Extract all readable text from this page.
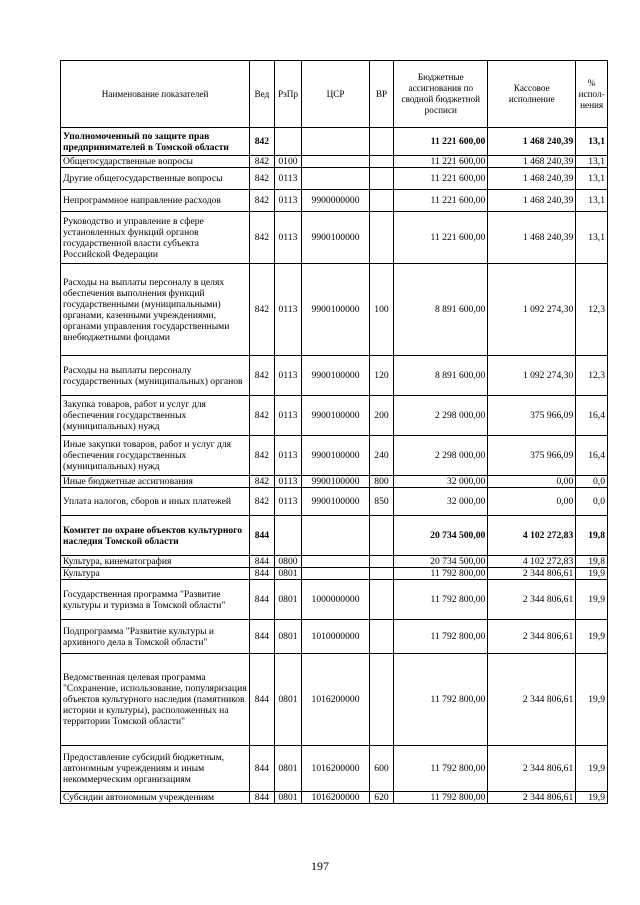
Наименование показателей	Вед	РзПр	ЦСР	ВР	Бюджетные ассигнования по сводной бюджетной росписи	Кассовое исполнение	% испол-нения
Уполномоченный по защите прав предпринимателей в Томской области	842				11 221 600,00	1 468 240,39	13,1
Общегосударственные вопросы	842	0100			11 221 600,00	1 468 240,39	13,1
Другие общегосударственные вопросы	842	0113			11 221 600,00	1 468 240,39	13,1
Непрограммное направление расходов	842	0113	9900000000		11 221 600,00	1 468 240,39	13,1
Руководство и управление в сфере установленных функций органов государственной власти субъекта Российской Федерации	842	0113	9900100000		11 221 600,00	1 468 240,39	13,1
Расходы на выплаты персоналу в целях обеспечения выполнения функций государственными (муниципальными) органами, казенными учреждениями, органами управления государственными внебюджетными фондами	842	0113	9900100000	100	8 891 600,00	1 092 274,30	12,3
Расходы на выплаты персоналу государственных (муниципальных) органов	842	0113	9900100000	120	8 891 600,00	1 092 274,30	12,3
Закупка товаров, работ и услуг для обеспечения государственных (муниципальных) нужд	842	0113	9900100000	200	2 298 000,00	375 966,09	16,4
Иные закупки товаров, работ и услуг для обеспечения государственных (муниципальных) нужд	842	0113	9900100000	240	2 298 000,00	375 966,09	16,4
Иные бюджетные ассигнования	842	0113	9900100000	800	32 000,00	0,00	0,0
Уплата налогов, сборов и иных платежей	842	0113	9900100000	850	32 000,00	0,00	0,0
Комитет по охране объектов культурного наследия Томской области	844				20 734 500,00	4 102 272,83	19,8
Культура, кинематография	844	0800			20 734 500,00	4 102 272,83	19,8
Культура	844	0801			11 792 800,00	2 344 806,61	19,9
Государственная программа "Развитие культуры и туризма в Томской области"	844	0801	1000000000		11 792 800,00	2 344 806,61	19,9
Подпрограмма "Развитие культуры и архивного дела в Томской области"	844	0801	1010000000		11 792 800,00	2 344 806,61	19,9
Ведомственная целевая программа "Сохранение, использование, популяризация объектов культурного наследия (памятников истории и культуры), расположенных на территории Томской области"	844	0801	1016200000		11 792 800,00	2 344 806,61	19,9
Предоставление субсидий бюджетным, автономным учреждениям и иным некоммерческим организациям	844	0801	1016200000	600	11 792 800,00	2 344 806,61	19,9
Субсидии автономным учреждениям	844	0801	1016200000	620	11 792 800,00	2 344 806,61	19,9
197
